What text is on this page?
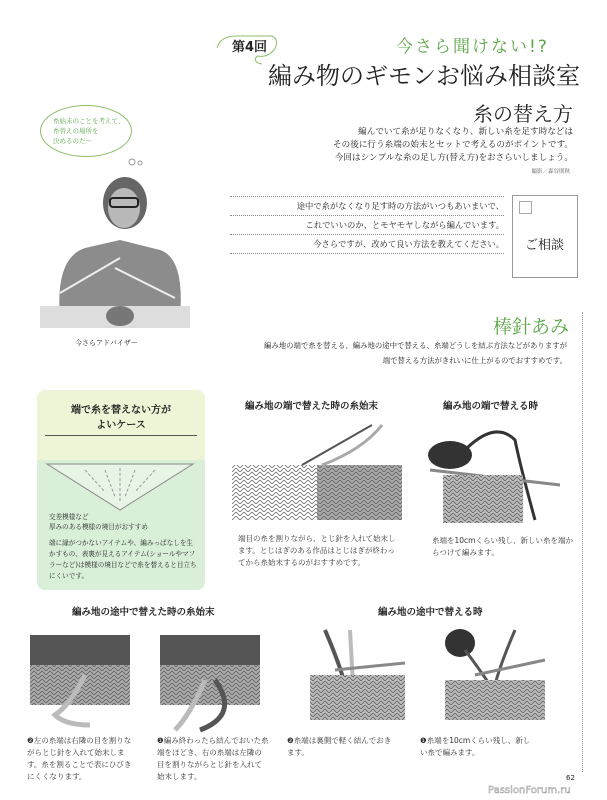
第4回	今さら聞けない!?
編み物のギモンお悩み相談室
糸の替え方
編んでいて糸が足りなくなり、新しい糸を足す時などは
その後に行う糸端の始末とセットで考えるのがポイントです。
今回はシンプルな糸の足し方(替え方)をおさらいしましょう。
撮影／森谷則秋
糸始末のことを考えて、
糸替えの場所を
決めるのだ～
今さらアドバイザー
途中で糸がなくなり足す時の方法がいつもあいまいで、
これでいいのか、とモヤモヤしながら編んでいます。
今さらですが、改めて良い方法を教えてください。 ご相談
棒針あみ
編み地の端で糸を替える、編み地の途中で替える、糸端どうしを結ぶ方法などがありますが
端で替える方法がきれいに仕上がるのでおすすめです。
端で糸を替えない方が
よいケース
交差模様など
厚みのある模様の境目がおすすめ
端に縁がつかないアイテムや、編みっぱなしを生かすもの、表裏が見えるアイテム(ショールやマフラーなど)は模様の境目などで糸を替えると目立ちにくいです。
編み地の端で替えた時の糸始末
端目の糸を割りながら、とじ針を入れて始末します。とじはぎのある作品はとじはぎが終わってから糸始末するのがおすすめです。
編み地の端で替える時
糸端を10cmくらい残し、新しい糸を端からつけて編みます。
編み地の途中で替えた時の糸始末
❷左の糸端は右隣の目を割りながらとじ針を入れて始末します。糸を割ることで表にひびきにくくなります。
❶編み終わったら結んでおいた糸端をほどき、右の糸端は左隣の目を割りながらとじ針を入れて始末します。
編み地の途中で替える時
❷糸端は裏側で軽く結んでおきます。
❶糸端を10cmくらい残し、新しい糸で編みます。
62
PassionForum.ru
